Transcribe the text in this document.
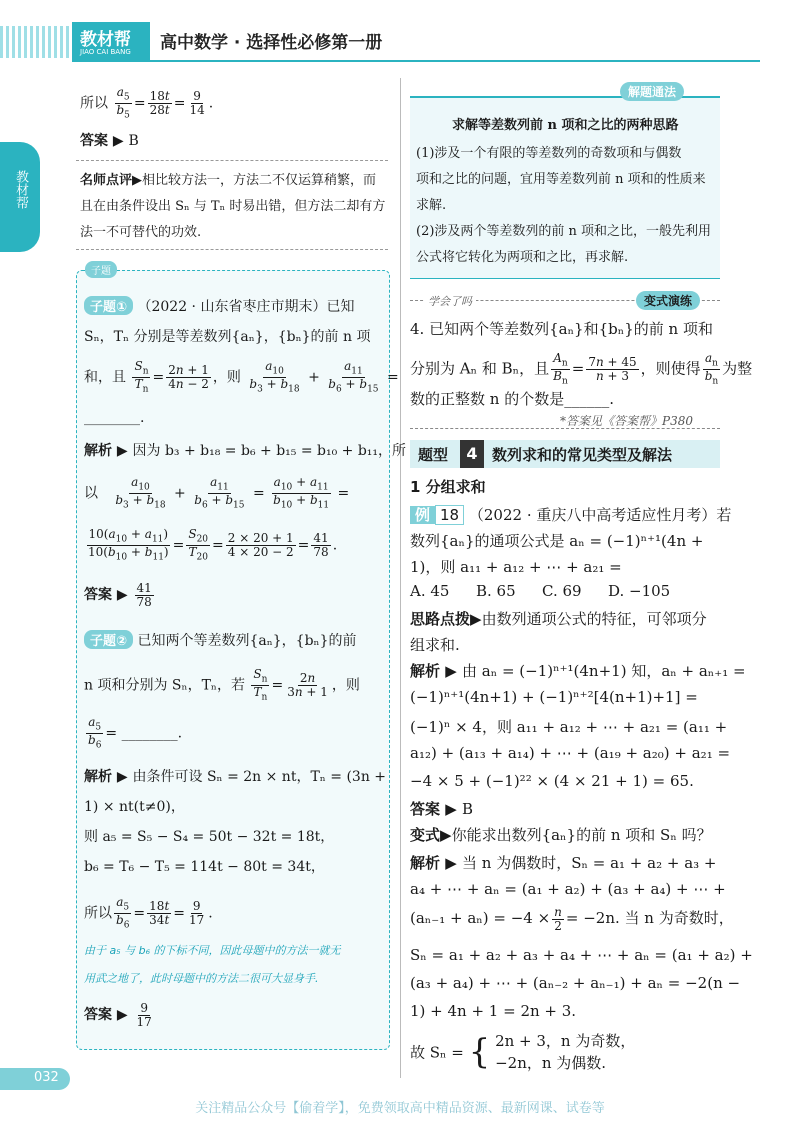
教材帮
JIAO CAI BANG 高中数学 · 选择性必修第一册
教材帮
所以 $\frac{a_5}{b_5} = \frac{18t}{28t} = \frac{9}{14}$ .
答案 ▶ B
名师点评▶相比较方法一，方法二不仅运算稍繁，而
且在由条件设出 Sₙ 与 Tₙ 时易出错，但方法二却有方
法一不可替代的功效.
子题
子题① （2022 · 山东省枣庄市期末）已知
Sₙ，Tₙ 分别是等差数列{aₙ}，{bₙ}的前 n 项
和，且 $\frac{S_n}{T_n} = \frac{2n + 1}{4n - 2}$ ，则 $\frac{a_{10}}{b_3 + b_{18}} + \frac{a_{11}}{b_6 + b_{15}}$ =
________.
解析 ▶ 因为 b₃ + b₁₈ = b₆ + b₁₅ = b₁₀ + b₁₁，所
以 $\frac{a_{10}}{b_3 + b_{18}} + \frac{a_{11}}{b_6 + b_{15}} = \frac{a_{10} + a_{11}}{b_{10} + b_{11}}$ =
$\frac{10(a_{10} + a_{11})}{10(b_{10} + b_{11})} = \frac{S_{20}}{T_{20}} = \frac{2 \times 20 + 1}{4 \times 20 - 2} = \frac{41}{78}$ .
答案 ▶ $\frac{41}{78}$
子题② 已知两个等差数列{aₙ}，{bₙ}的前
n 项和分别为 Sₙ，Tₙ，若 $\frac{S_n}{T_n} = \frac{2n}{3n + 1}$ ，则
$\frac{a_5}{b_6}$ = ________.
解析 ▶ 由条件可设 Sₙ = 2n × nt，Tₙ = (3n +
1) × nt(t≠0)，
则 a₅ = S₅ − S₄ = 50t − 32t = 18t，
b₆ = T₆ − T₅ = 114t − 80t = 34t，
所以 $\frac{a_5}{b_6} = \frac{18t}{34t} = \frac{9}{17}$ .
由于 a₅ 与 b₆ 的下标不同，因此母题中的方法一就无
用武之地了，此时母题中的方法二很可大显身手.
答案 ▶ $\frac{9}{17}$
解题通法
求解等差数列前 n 项和之比的两种思路
(1)涉及一个有限的等差数列的奇数项和与偶数
项和之比的问题，宜用等差数列前 n 项和的性质来
求解.
(2)涉及两个等差数列的前 n 项和之比，一般先利用
公式将它转化为两项和之比，再求解.
学会了吗	变式演练
4. 已知两个等差数列{aₙ}和{bₙ}的前 n 项和
分别为 Aₙ 和 Bₙ，且 $\frac{A_n}{B_n} = \frac{7n + 45}{n + 3}$ ，则使得 $\frac{a_n}{b_n}$ 为整
数的正整数 n 的个数是______.
*答案见《答案帮》P380
题型	4 数列求和的常见类型及解法
1 分组求和
例 18 （2022 · 重庆八中高考适应性月考）若
数列{aₙ}的通项公式是 aₙ = (−1)ⁿ⁺¹(4n +
1)，则 a₁₁ + a₁₂ + ⋯ + a₂₁ =
A. 45 B. 65 C. 69 D. −105
思路点拨▶由数列通项公式的特征，可邻项分
组求和.
解析 ▶ 由 aₙ = (−1)ⁿ⁺¹(4n+1) 知，aₙ + aₙ₊₁ =
(−1)ⁿ⁺¹(4n+1) + (−1)ⁿ⁺²[4(n+1)+1] =
(−1)ⁿ × 4，则 a₁₁ + a₁₂ + ⋯ + a₂₁ = (a₁₁ +
a₁₂) + (a₁₃ + a₁₄) + ⋯ + (a₁₉ + a₂₀) + a₂₁ =
−4 × 5 + (−1)²² × (4 × 21 + 1) = 65.
答案 ▶ B
变式▶你能求出数列{aₙ}的前 n 项和 Sₙ 吗？
解析 ▶ 当 n 为偶数时，Sₙ = a₁ + a₂ + a₃ +
a₄ + ⋯ + aₙ = (a₁ + a₂) + (a₃ + a₄) + ⋯ +
$(a_{n-1} + a_n) = -4 \times \frac{n}{2} = -2n$. 当 n 为奇数时，
Sₙ = a₁ + a₂ + a₃ + a₄ + ⋯ + aₙ = (a₁ + a₂) +
(a₃ + a₄) + ⋯ + (aₙ₋₂ + aₙ₋₁) + aₙ = −2(n −
1) + 4n + 1 = 2n + 3.
故 Sₙ = { 2n + 3，n 为奇数，
−2n，n 为偶数.
032
关注精品公众号【偷着学】，免费领取高中精品资源、最新网课、试卷等
